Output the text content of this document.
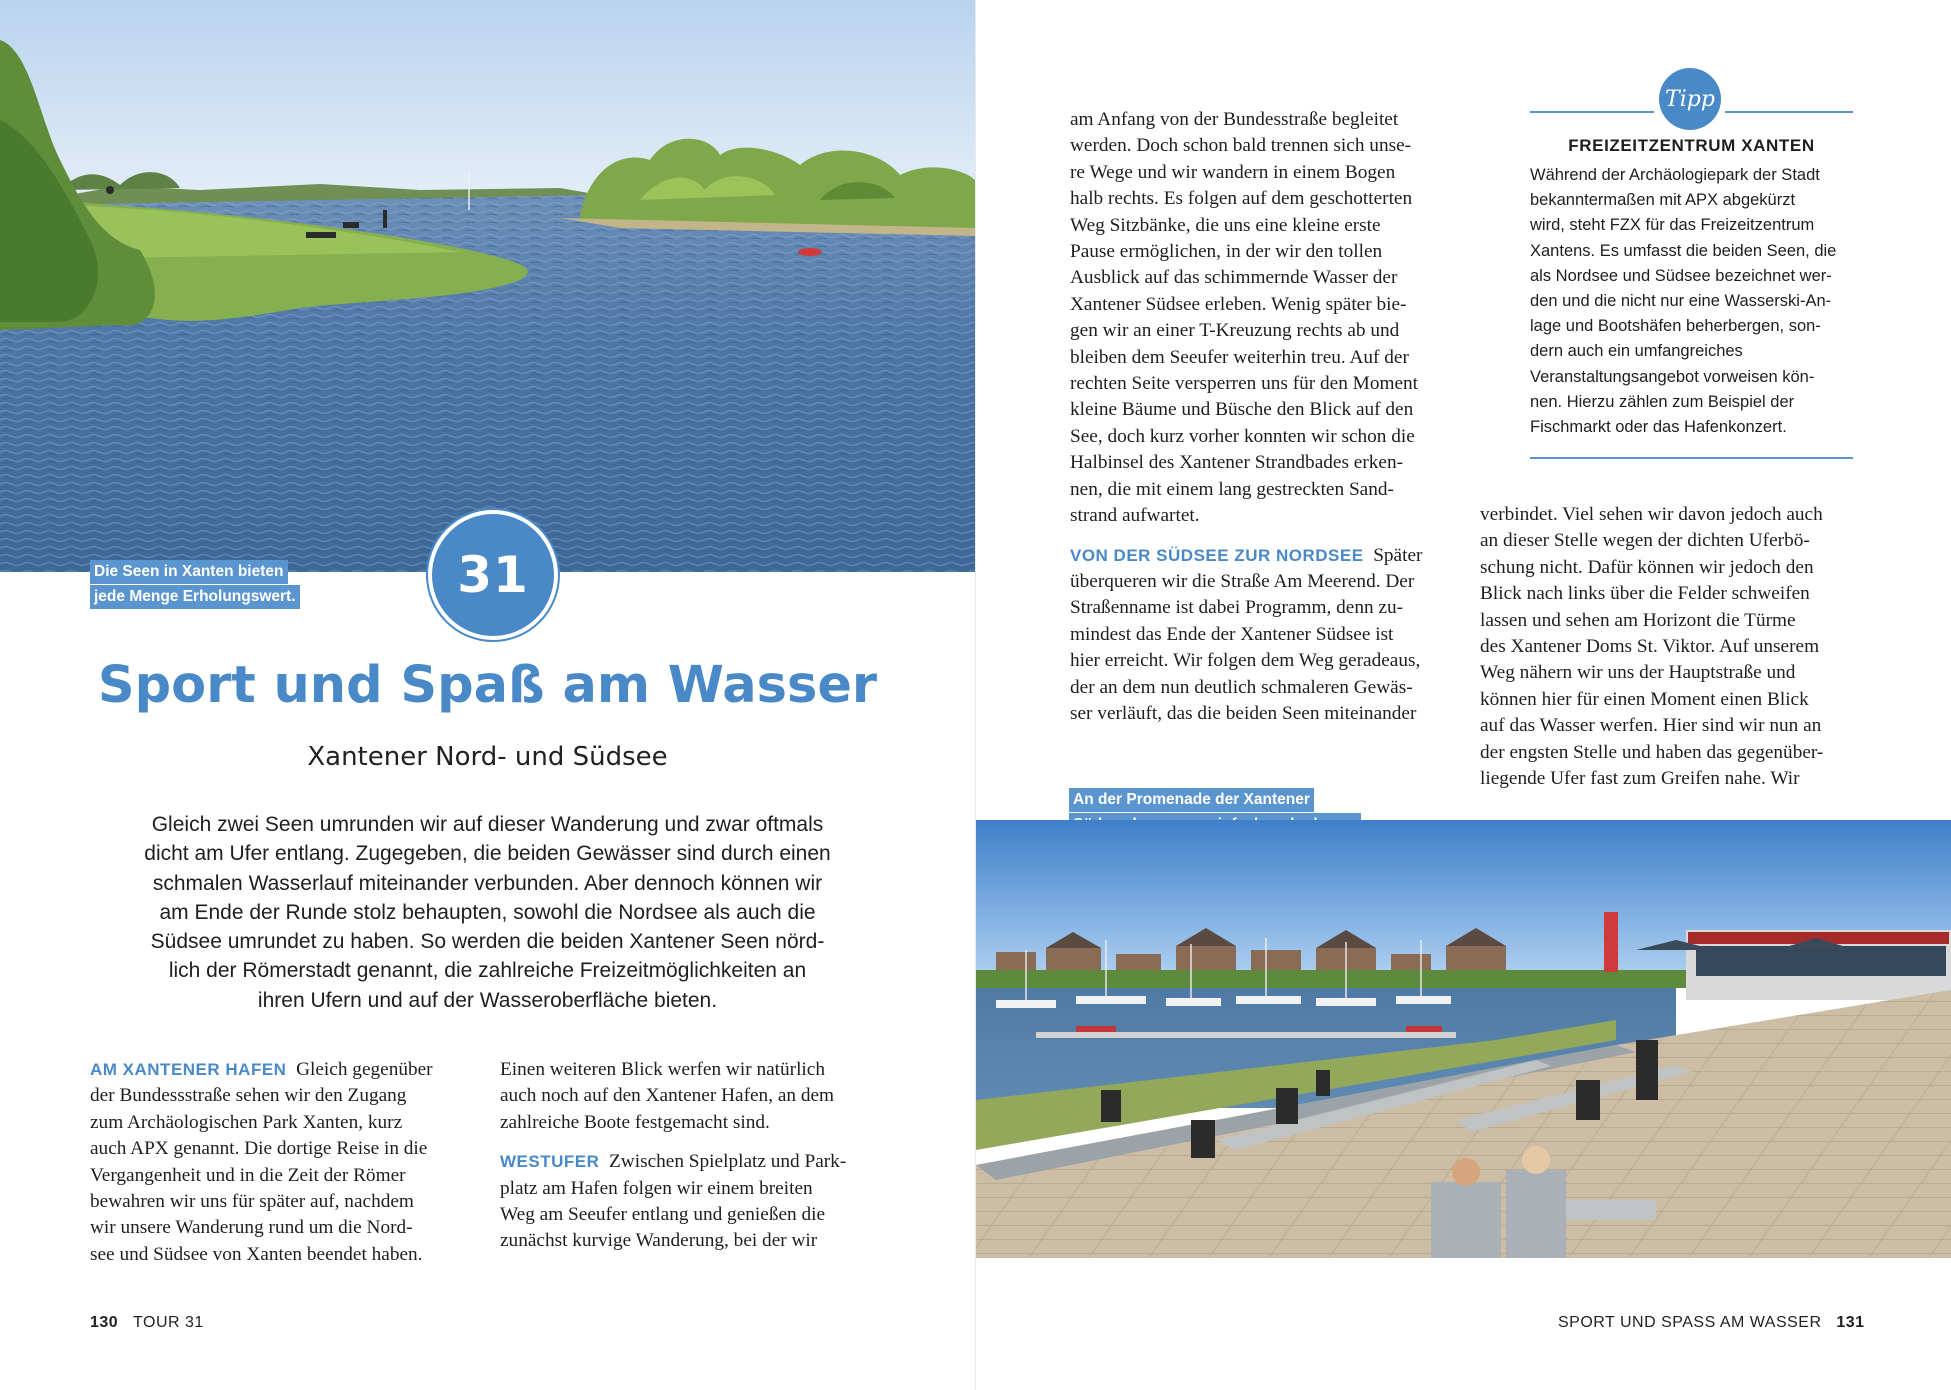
Die Seen in Xanten bieten
jede Menge Erholungswert.	31
Sport und Spaß am Wasser
Xantener Nord- und Südsee
Gleich zwei Seen umrunden wir auf dieser Wanderung und zwar oftmals
dicht am Ufer entlang. Zugegeben, die beiden Gewässer sind durch einen
schmalen Wasserlauf miteinander verbunden. Aber dennoch können wir
am Ende der Runde stolz behaupten, sowohl die Nordsee als auch die
Südsee umrundet zu haben. So werden die beiden Xantener Seen nörd-
lich der Römerstadt genannt, die zahlreiche Freizeitmöglichkeiten an
ihren Ufern und auf der Wasseroberfläche bieten.
AM XANTENER HAFEN Gleich gegenüber
der Bundessstraße sehen wir den Zugang
zum Archäologischen Park Xanten, kurz
auch APX genannt. Die dortige Reise in die
Vergangenheit und in die Zeit der Römer
bewahren wir uns für später auf, nachdem
wir unsere Wanderung rund um die Nord-
see und Südsee von Xanten beendet haben.
Einen weiteren Blick werfen wir natürlich
auch noch auf den Xantener Hafen, an dem
zahlreiche Boote festgemacht sind.
WESTUFER Zwischen Spielplatz und Park-
platz am Hafen folgen wir einem breiten
Weg am Seeufer entlang und genießen die
zunächst kurvige Wanderung, bei der wir
130 TOUR 31
am Anfang von der Bundesstraße begleitet
werden. Doch schon bald trennen sich unse-
re Wege und wir wandern in einem Bogen
halb rechts. Es folgen auf dem geschotterten
Weg Sitzbänke, die uns eine kleine erste
Pause ermöglichen, in der wir den tollen
Ausblick auf das schimmernde Wasser der
Xantener Südsee erleben. Wenig später bie-
gen wir an einer T-Kreuzung rechts ab und
bleiben dem Seeufer weiterhin treu. Auf der
rechten Seite versperren uns für den Moment
kleine Bäume und Büsche den Blick auf den
See, doch kurz vorher konnten wir schon die
Halbinsel des Xantener Strandbades erken-
nen, die mit einem lang gestreckten Sand-
strand aufwartet.
VON DER SÜDSEE ZUR NORDSEE Später
überqueren wir die Straße Am Meerend. Der
Straßenname ist dabei Programm, denn zu-
mindest das Ende der Xantener Südsee ist
hier erreicht. Wir folgen dem Weg geradeaus,
der an dem nun deutlich schmaleren Gewäs-
ser verläuft, das die beiden Seen miteinander
verbindet. Viel sehen wir davon jedoch auch
an dieser Stelle wegen der dichten Uferbö-
schung nicht. Dafür können wir jedoch den
Blick nach links über die Felder schweifen
lassen und sehen am Horizont die Türme
des Xantener Doms St. Viktor. Auf unserem
Weg nähern wir uns der Hauptstraße und
können hier für einen Moment einen Blick
auf das Wasser werfen. Hier sind wir nun an
der engsten Stelle und haben das gegenüber-
liegende Ufer fast zum Greifen nahe. Wir
Tipp
FREIZEITZENTRUM XANTEN
Während der Archäologiepark der Stadt
bekanntermaßen mit APX abgekürzt
wird, steht FZX für das Freizeitzentrum
Xantens. Es umfasst die beiden Seen, die
als Nordsee und Südsee bezeichnet wer-
den und die nicht nur eine Wasserski-An-
lage und Bootshäfen beherbergen, son-
dern auch ein umfangreiches
Veranstaltungsangebot vorweisen kön-
nen. Hierzu zählen zum Beispiel der
Fischmarkt oder das Hafenkonzert.
An der Promenade der Xantener
SPORT UND SPASS AM WASSER 131
